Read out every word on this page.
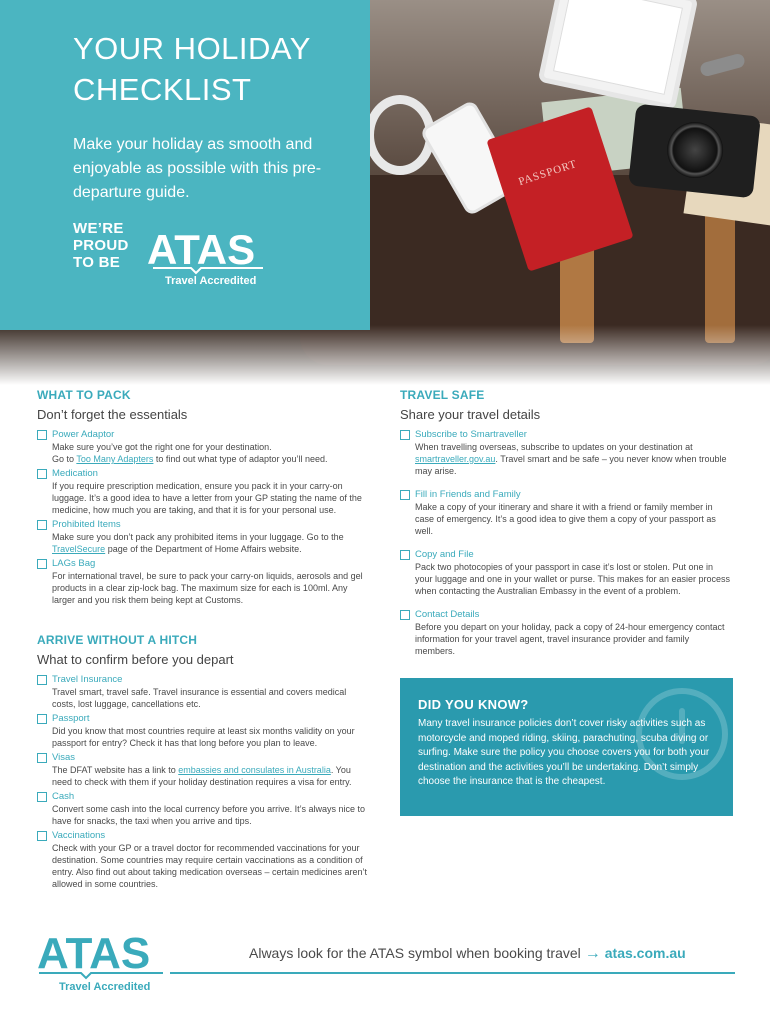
PASSPORT
YOUR HOLIDAY
CHECKLIST

Make your holiday as smooth and enjoyable as possible with this pre-departure guide.

WE’RE
PROUD
TO BE ATAS
Travel Accredited
WHAT TO PACK
Don’t forget the essentials
Power Adaptor
Make sure you’ve got the right one for your destination.
Go to Too Many Adapters to find out what type of adaptor you’ll need.
Medication
If you require prescription medication, ensure you pack it in your carry-on luggage. It’s a good idea to have a letter from your GP stating the name of the medicine, how much you are taking, and that it is for your personal use.
Prohibited Items
Make sure you don’t pack any prohibited items in your luggage. Go to the TravelSecure page of the Department of Home Affairs website.
LAGs Bag
For international travel, be sure to pack your carry-on liquids, aerosols and gel products in a clear zip-lock bag. The maximum size for each is 100ml. Any larger and you risk them being kept at Customs.
ARRIVE WITHOUT A HITCH
What to confirm before you depart
Travel Insurance
Travel smart, travel safe. Travel insurance is essential and covers medical costs, lost luggage, cancellations etc.
Passport
Did you know that most countries require at least six months validity on your passport for entry? Check it has that long before you plan to leave.
Visas
The DFAT website has a link to embassies and consulates in Australia. You need to check with them if your holiday destination requires a visa for entry.
Cash
Convert some cash into the local currency before you arrive. It’s always nice to have for snacks, the taxi when you arrive and tips.
Vaccinations
Check with your GP or a travel doctor for recommended vaccinations for your destination. Some countries may require certain vaccinations as a condition of entry. Also find out about taking medication overseas – certain medicines aren’t allowed in some countries.
TRAVEL SAFE
Share your travel details
Subscribe to Smartraveller
When travelling overseas, subscribe to updates on your destination at smartraveller.gov.au. Travel smart and be safe – you never know when trouble may arise.
Fill in Friends and Family
Make a copy of your itinerary and share it with a friend or family member in case of emergency. It’s a good idea to give them a copy of your passport as well.
Copy and File
Pack two photocopies of your passport in case it’s lost or stolen. Put one in your luggage and one in your wallet or purse. This makes for an easier process when contacting the Australian Embassy in the event of a problem.
Contact Details
Before you depart on your holiday, pack a copy of 24-hour emergency contact information for your travel agent, travel insurance provider and family members.
DID YOU KNOW?
Many travel insurance policies don’t cover risky activities such as motorcycle and moped riding, skiing, parachuting, scuba diving or surfing. Make sure the policy you choose covers you for both your destination and the activities you’ll be undertaking. Don’t simply choose the insurance that is the cheapest.
ATAS
Travel Accredited
Always look for the ATAS symbol when booking travel → atas.com.au
